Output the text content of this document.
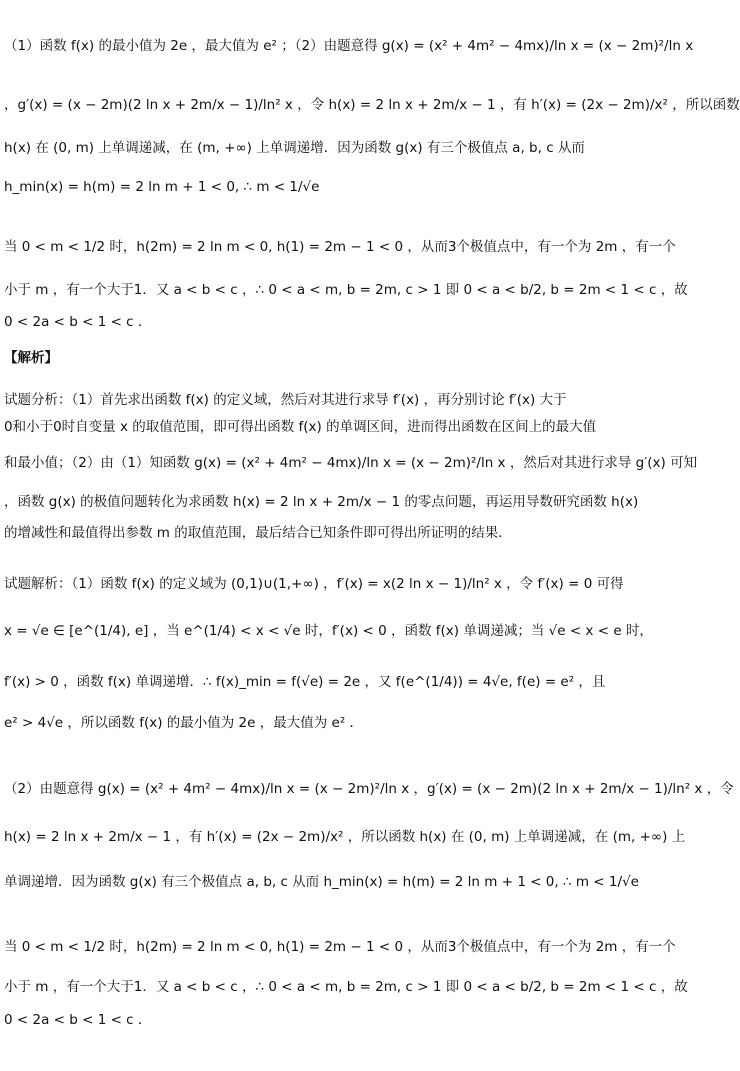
（1）函数 f(x) 的最小值为 2e ，最大值为 e² ；（2）由题意得 g(x) = (x² + 4m² − 4mx)/ln x = (x − 2m)²/ln x
，g′(x) = (x − 2m)(2 ln x + 2m/x − 1)/ln² x ，令 h(x) = 2 ln x + 2m/x − 1 ，有 h′(x) = (2x − 2m)/x² ，所以函数
h(x) 在 (0, m) 上单调递减，在 (m, +∞) 上单调递增．因为函数 g(x) 有三个极值点 a, b, c 从而
h_min(x) = h(m) = 2 ln m + 1 < 0, ∴ m < 1/√e
当 0 < m < 1/2 时，h(2m) = 2 ln m < 0, h(1) = 2m − 1 < 0 ，从而3个极值点中，有一个为 2m ，有一个
小于 m ，有一个大于1．又 a < b < c ，∴ 0 < a < m, b = 2m, c > 1 即 0 < a < b/2, b = 2m < 1 < c ，故
0 < 2a < b < 1 < c ．
【解析】
试题分析：（1）首先求出函数 f(x) 的定义域，然后对其进行求导 f′(x) ，再分别讨论 f′(x) 大于
0和小于0时自变量 x 的取值范围，即可得出函数 f(x) 的单调区间，进而得出函数在区间上的最大值
和最小值；（2）由（1）知函数 g(x) = (x² + 4m² − 4mx)/ln x = (x − 2m)²/ln x ，然后对其进行求导 g′(x) 可知
，函数 g(x) 的极值问题转化为求函数 h(x) = 2 ln x + 2m/x − 1 的零点问题，再运用导数研究函数 h(x)
的增减性和最值得出参数 m 的取值范围，最后结合已知条件即可得出所证明的结果．
试题解析：（1）函数 f(x) 的定义域为 (0,1)∪(1,+∞) ，f′(x) = x(2 ln x − 1)/ln² x ，令 f′(x) = 0 可得
x = √e ∈ [e^(1/4), e] ，当 e^(1/4) < x < √e 时，f′(x) < 0 ，函数 f(x) 单调递减；当 √e < x < e 时，
f′(x) > 0 ，函数 f(x) 单调递增．∴ f(x)_min = f(√e) = 2e ，又 f(e^(1/4)) = 4√e, f(e) = e² ，且
e² > 4√e ，所以函数 f(x) 的最小值为 2e ，最大值为 e² ．
（2）由题意得 g(x) = (x² + 4m² − 4mx)/ln x = (x − 2m)²/ln x ，g′(x) = (x − 2m)(2 ln x + 2m/x − 1)/ln² x ，令
h(x) = 2 ln x + 2m/x − 1 ，有 h′(x) = (2x − 2m)/x² ，所以函数 h(x) 在 (0, m) 上单调递减，在 (m, +∞) 上
单调递增．因为函数 g(x) 有三个极值点 a, b, c 从而 h_min(x) = h(m) = 2 ln m + 1 < 0, ∴ m < 1/√e
当 0 < m < 1/2 时，h(2m) = 2 ln m < 0, h(1) = 2m − 1 < 0 ，从而3个极值点中，有一个为 2m ，有一个
小于 m ，有一个大于1．又 a < b < c ，∴ 0 < a < m, b = 2m, c > 1 即 0 < a < b/2, b = 2m < 1 < c ，故
0 < 2a < b < 1 < c ．
